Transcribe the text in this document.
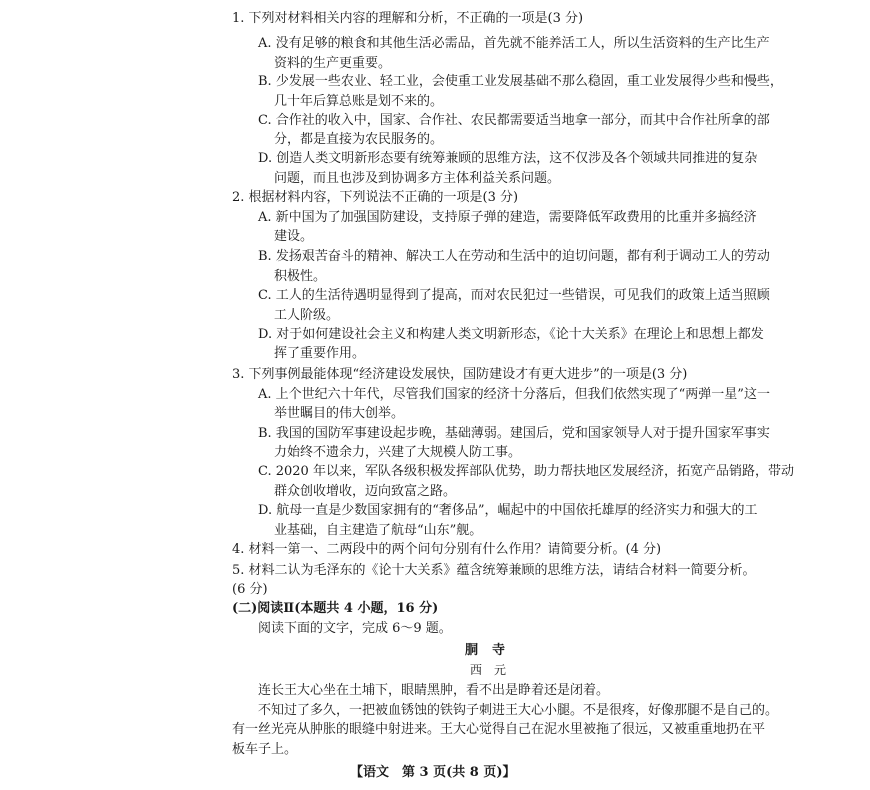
1. 下列对材料相关内容的理解和分析，不正确的一项是(3 分)
A. 没有足够的粮食和其他生活必需品，首先就不能养活工人，所以生活资料的生产比生产
资料的生产更重要。
B. 少发展一些农业、轻工业，会使重工业发展基础不那么稳固，重工业发展得少些和慢些，
几十年后算总账是划不来的。
C. 合作社的收入中，国家、合作社、农民都需要适当地拿一部分，而其中合作社所拿的部
分，都是直接为农民服务的。
D. 创造人类文明新形态要有统筹兼顾的思维方法，这不仅涉及各个领域共同推进的复杂
问题，而且也涉及到协调多方主体利益关系问题。
2. 根据材料内容，下列说法不正确的一项是(3 分)
A. 新中国为了加强国防建设，支持原子弹的建造，需要降低军政费用的比重并多搞经济
建设。
B. 发扬艰苦奋斗的精神、解决工人在劳动和生活中的迫切问题，都有利于调动工人的劳动
积极性。
C. 工人的生活待遇明显得到了提高，而对农民犯过一些错误，可见我们的政策上适当照顾
工人阶级。
D. 对于如何建设社会主义和构建人类文明新形态，《论十大关系》在理论上和思想上都发
挥了重要作用。
3. 下列事例最能体现“经济建设发展快，国防建设才有更大进步”的一项是(3 分)
A. 上个世纪六十年代，尽管我们国家的经济十分落后，但我们依然实现了“两弹一星”这一
举世瞩目的伟大创举。
B. 我国的国防军事建设起步晚，基础薄弱。建国后，党和国家领导人对于提升国家军事实
力始终不遗余力，兴建了大规模人防工事。
C. 2020 年以来，军队各级积极发挥部队优势，助力帮扶地区发展经济，拓宽产品销路，带动
群众创收增收，迈向致富之路。
D. 航母一直是少数国家拥有的“奢侈品”，崛起中的中国依托雄厚的经济实力和强大的工
业基础，自主建造了航母“山东”舰。
4. 材料一第一、二两段中的两个问句分别有什么作用？请简要分析。(4 分)
5. 材料二认为毛泽东的《论十大关系》蕴含统筹兼顾的思维方法，请结合材料一简要分析。
(6 分)
(二)阅读Ⅱ(本题共 4 小题，16 分)
阅读下面的文字，完成 6～9 题。
胴寺
西元
连长王大心坐在土埔下，眼睛黑肿，看不出是睁着还是闭着。
不知过了多久，一把被血锈蚀的铁钩子刺进王大心小腿。不是很疼，好像那腿不是自己的。
有一丝光亮从肿胀的眼缝中射进来。王大心觉得自己在泥水里被拖了很远，又被重重地扔在平
板车子上。
【语文　第 3 页(共 8 页)】
